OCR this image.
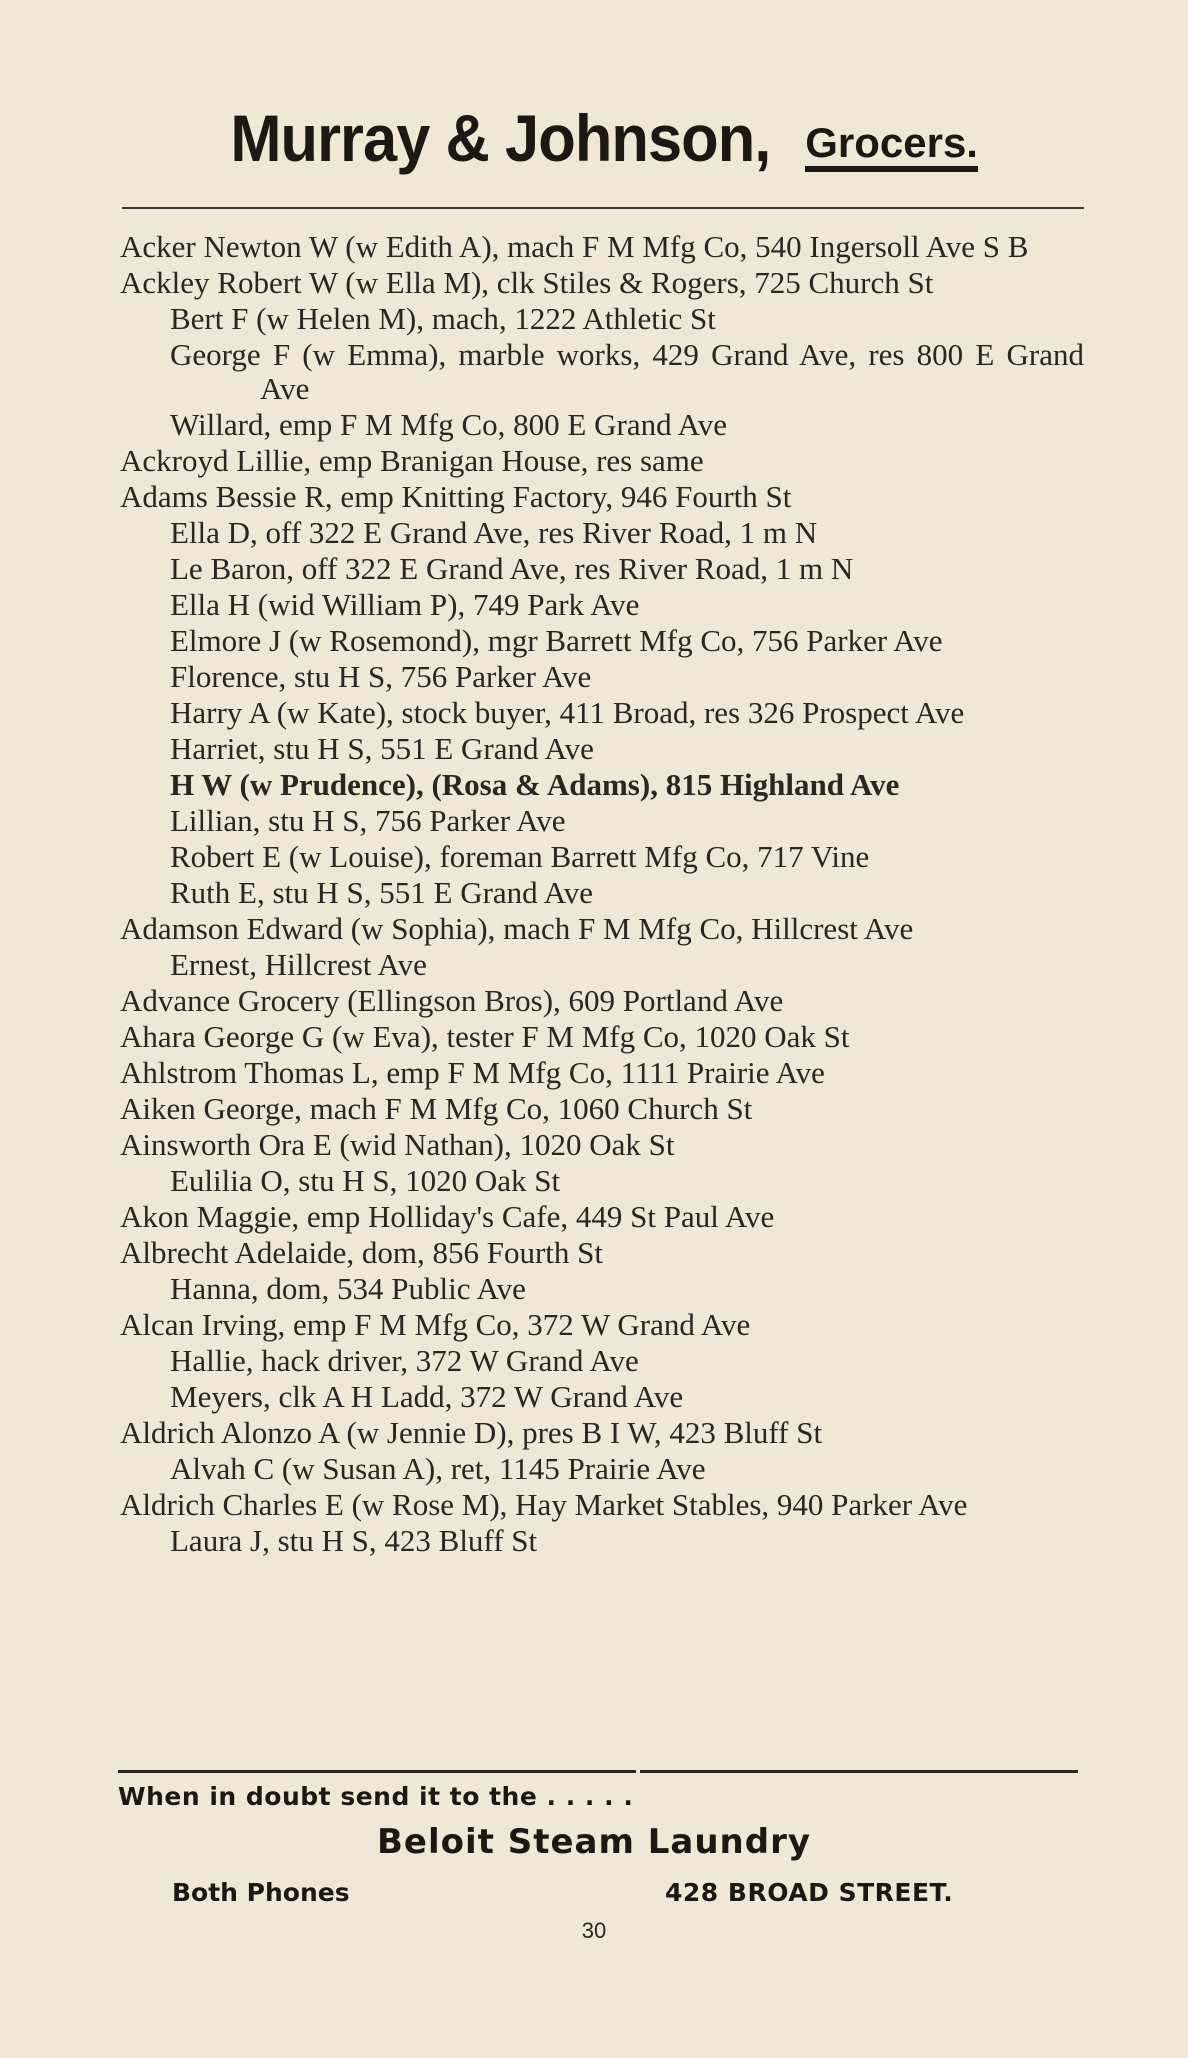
Murray & Johnson, Grocers.

Acker Newton W (w Edith A), mach F M Mfg Co, 540 Ingersoll Ave S B

Ackley Robert W (w Ella M), clk Stiles & Rogers, 725 Church St

Bert F (w Helen M), mach, 1222 Athletic St

George F (w Emma), marble works, 429 Grand Ave, res 800 E Grand Ave

Willard, emp F M Mfg Co, 800 E Grand Ave

Ackroyd Lillie, emp Branigan House, res same

Adams Bessie R, emp Knitting Factory, 946 Fourth St

Ella D, off 322 E Grand Ave, res River Road, 1 m N

Le Baron, off 322 E Grand Ave, res River Road, 1 m N

Ella H (wid William P), 749 Park Ave

Elmore J (w Rosemond), mgr Barrett Mfg Co, 756 Parker Ave

Florence, stu H S, 756 Parker Ave

Harry A (w Kate), stock buyer, 411 Broad, res 326 Prospect Ave

Harriet, stu H S, 551 E Grand Ave

H W (w Prudence), (Rosa & Adams), 815 Highland Ave

Lillian, stu H S, 756 Parker Ave

Robert E (w Louise), foreman Barrett Mfg Co, 717 Vine

Ruth E, stu H S, 551 E Grand Ave

Adamson Edward (w Sophia), mach F M Mfg Co, Hillcrest Ave

Ernest, Hillcrest Ave

Advance Grocery (Ellingson Bros), 609 Portland Ave

Ahara George G (w Eva), tester F M Mfg Co, 1020 Oak St

Ahlstrom Thomas L, emp F M Mfg Co, 1111 Prairie Ave

Aiken George, mach F M Mfg Co, 1060 Church St

Ainsworth Ora E (wid Nathan), 1020 Oak St

Eulilia O, stu H S, 1020 Oak St

Akon Maggie, emp Holliday's Cafe, 449 St Paul Ave

Albrecht Adelaide, dom, 856 Fourth St

Hanna, dom, 534 Public Ave

Alcan Irving, emp F M Mfg Co, 372 W Grand Ave

Hallie, hack driver, 372 W Grand Ave

Meyers, clk A H Ladd, 372 W Grand Ave

Aldrich Alonzo A (w Jennie D), pres B I W, 423 Bluff St

Alvah C (w Susan A), ret, 1145 Prairie Ave

Aldrich Charles E (w Rose M), Hay Market Stables, 940 Parker Ave

Laura J, stu H S, 423 Bluff St

When in doubt send it to the . . . . .
Beloit Steam Laundry
Both Phones	428 BROAD STREET.
30
